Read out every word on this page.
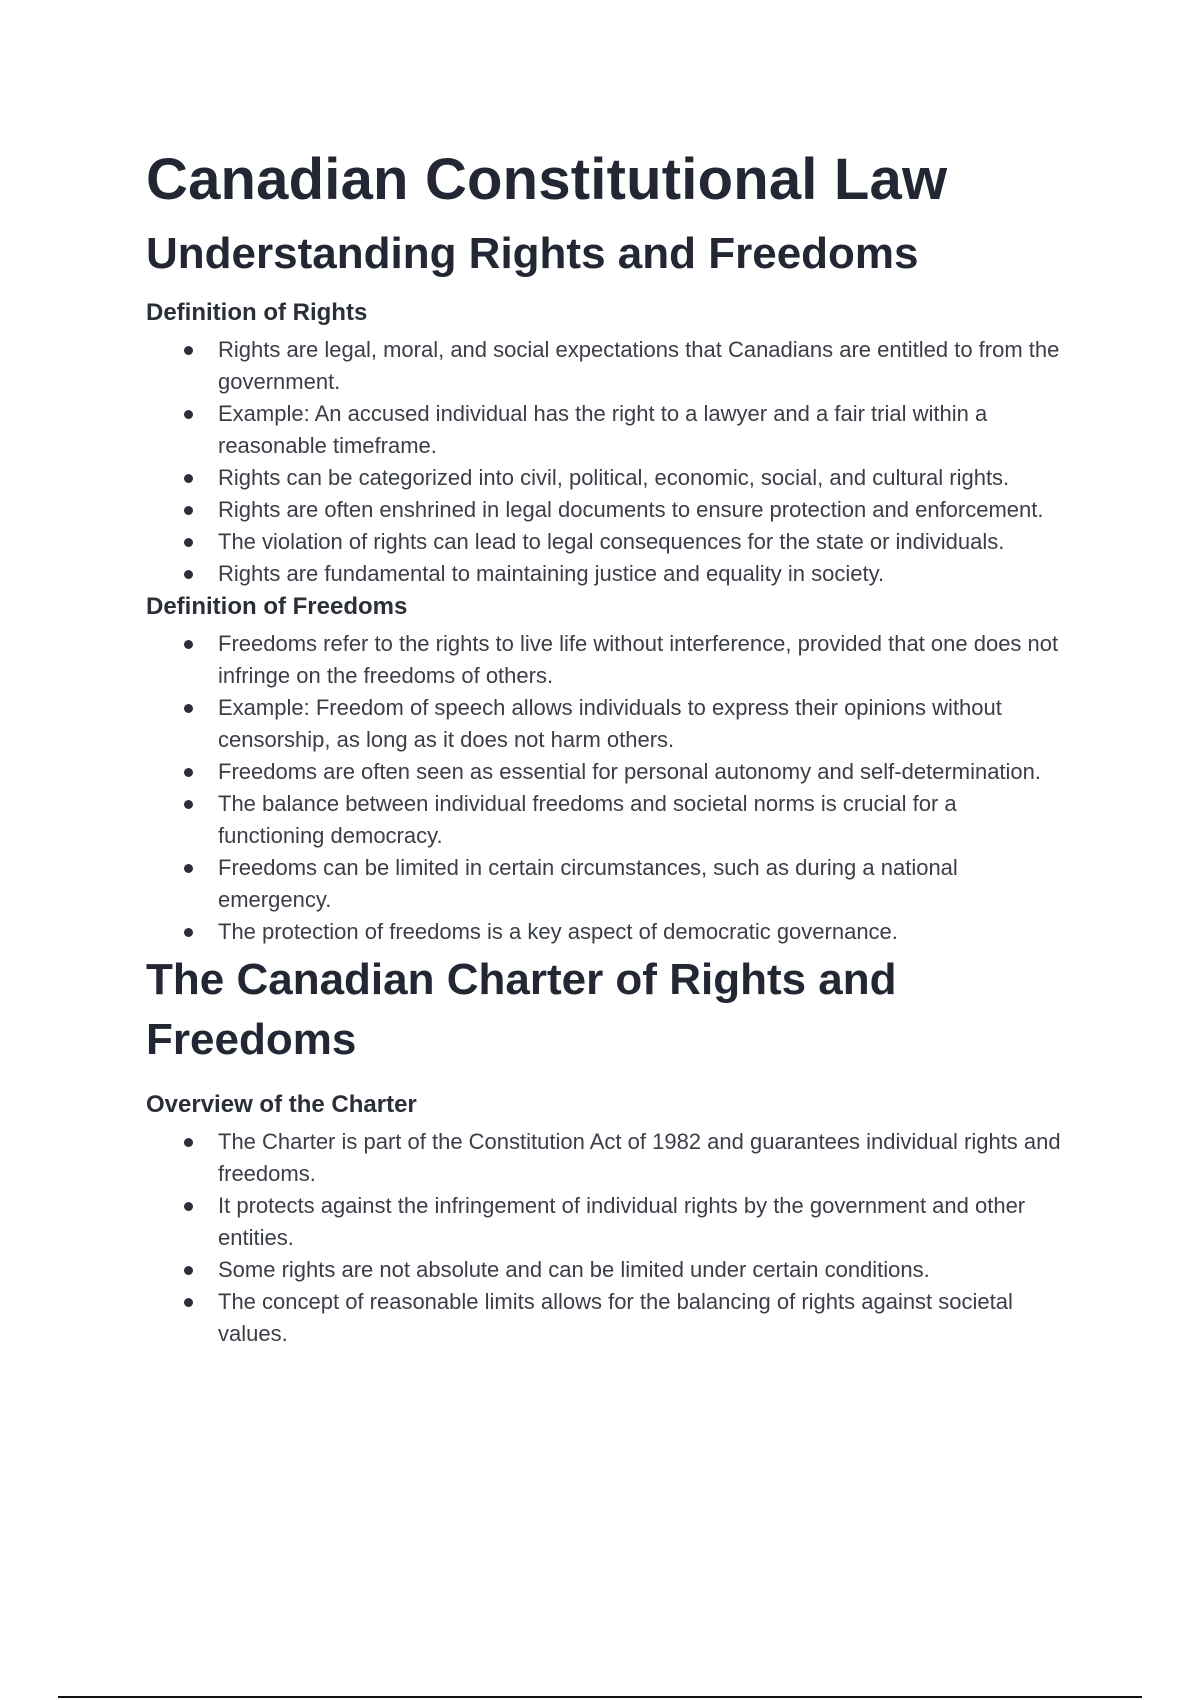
Canadian Constitutional Law
Understanding Rights and Freedoms
Definition of Rights
Rights are legal, moral, and social expectations that Canadians are entitled to from the government.
Example: An accused individual has the right to a lawyer and a fair trial within a reasonable timeframe.
Rights can be categorized into civil, political, economic, social, and cultural rights.
Rights are often enshrined in legal documents to ensure protection and enforcement.
The violation of rights can lead to legal consequences for the state or individuals.
Rights are fundamental to maintaining justice and equality in society.
Definition of Freedoms
Freedoms refer to the rights to live life without interference, provided that one does not infringe on the freedoms of others.
Example: Freedom of speech allows individuals to express their opinions without censorship, as long as it does not harm others.
Freedoms are often seen as essential for personal autonomy and self-determination.
The balance between individual freedoms and societal norms is crucial for a functioning democracy.
Freedoms can be limited in certain circumstances, such as during a national emergency.
The protection of freedoms is a key aspect of democratic governance.
The Canadian Charter of Rights and Freedoms
Overview of the Charter
The Charter is part of the Constitution Act of 1982 and guarantees individual rights and freedoms.
It protects against the infringement of individual rights by the government and other entities.
Some rights are not absolute and can be limited under certain conditions.
The concept of reasonable limits allows for the balancing of rights against societal values.
